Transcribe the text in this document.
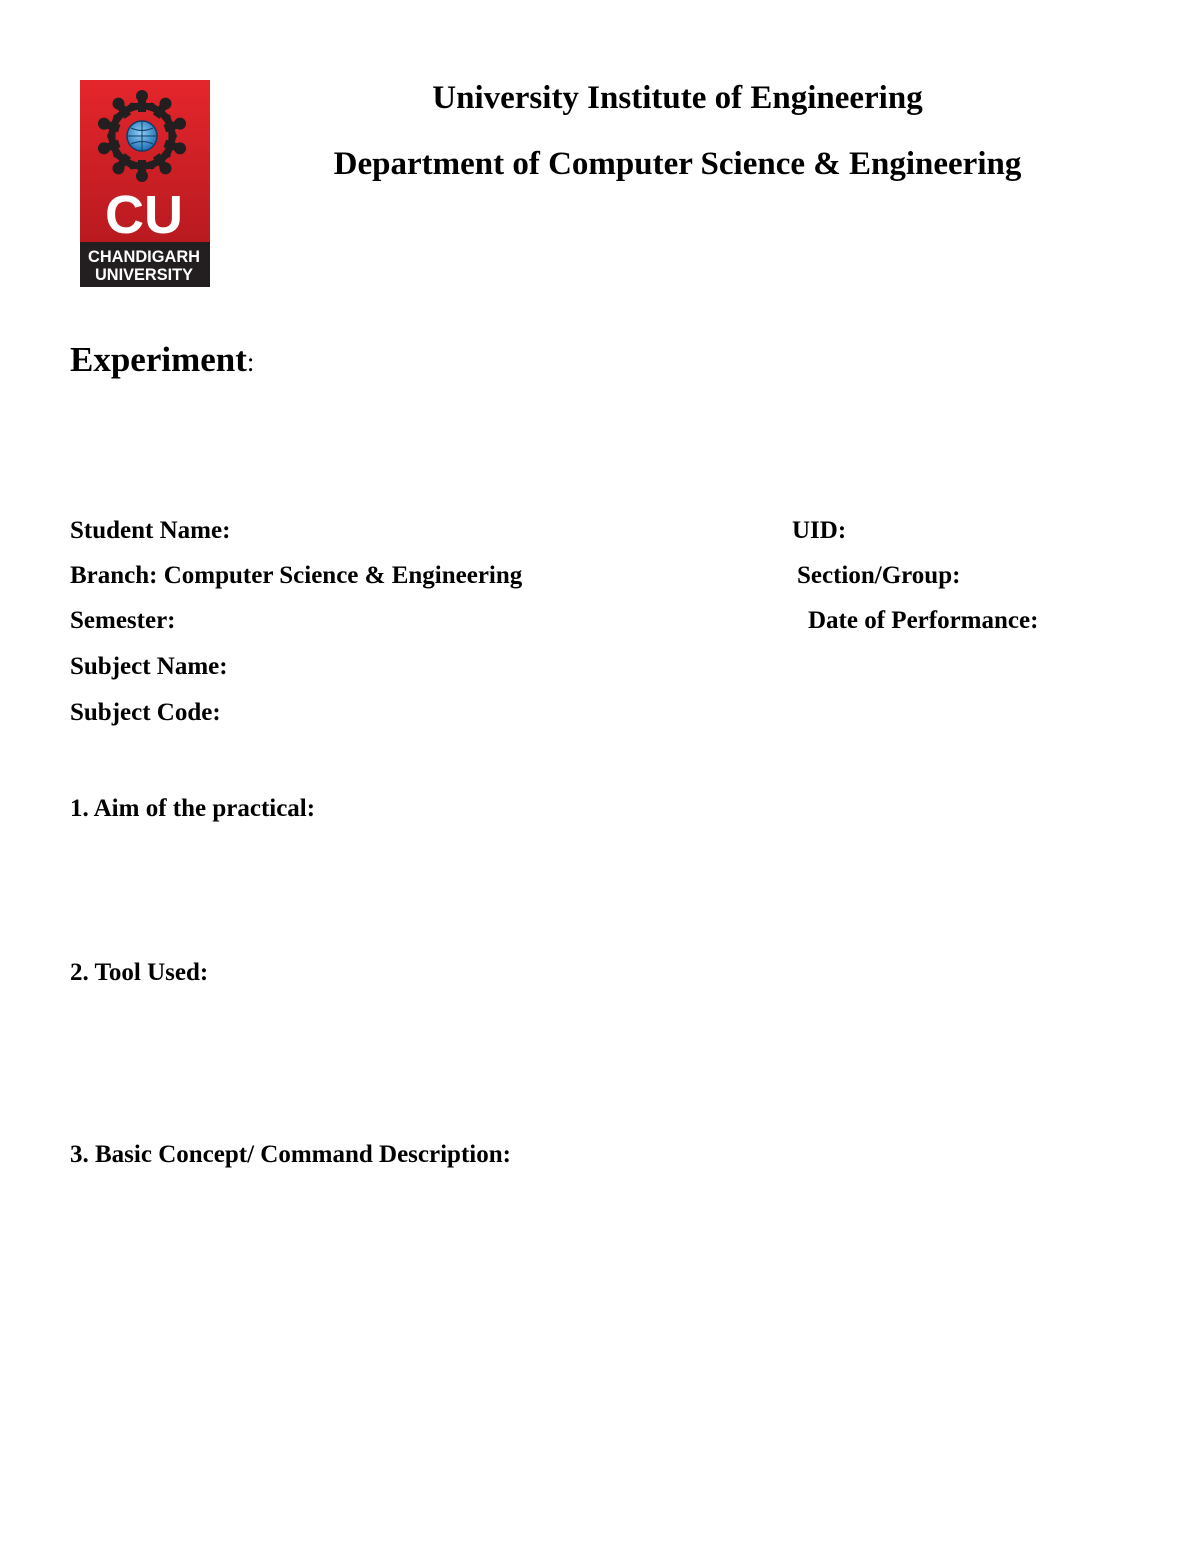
CU
CHANDIGARH
UNIVERSITY
University Institute of Engineering
Department of Computer Science & Engineering
Experiment:
Student Name:	UID:
Branch: Computer Science & Engineering	Section/Group:
Semester:	Date of Performance:
Subject Name:
Subject Code:
1. Aim of the practical:
2. Tool Used:
3. Basic Concept/ Command Description:
